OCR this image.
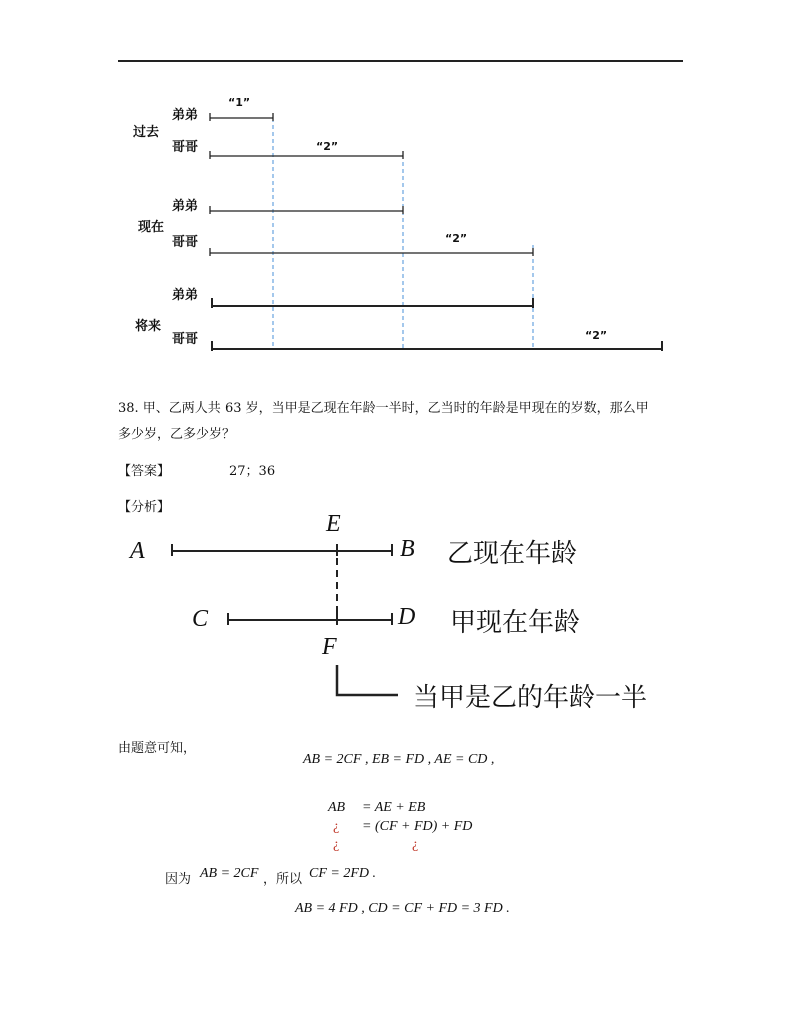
过去
弟弟
哥哥
“1”
“2”
现在
弟弟
哥哥	“2”
将来
弟弟
哥哥	“2”
38. 甲、乙两人共 63 岁，当甲是乙现在年龄一半时，乙当时的年龄是甲现在的岁数，那么甲
多少岁，乙多少岁？
【答案】	27；36
【分析】
A
E
B 乙现在年龄
C	D 甲现在年龄
F
当甲是乙的年龄一半
由题意可知，
AB = 2CF , EB = FD , AE = CD ,
AB = AE + EB
¿ = (CF + FD) + FD
¿	¿
因为 AB = 2CF ，所以 CF = 2FD .
AB = 4 FD , CD = CF + FD = 3 FD .
